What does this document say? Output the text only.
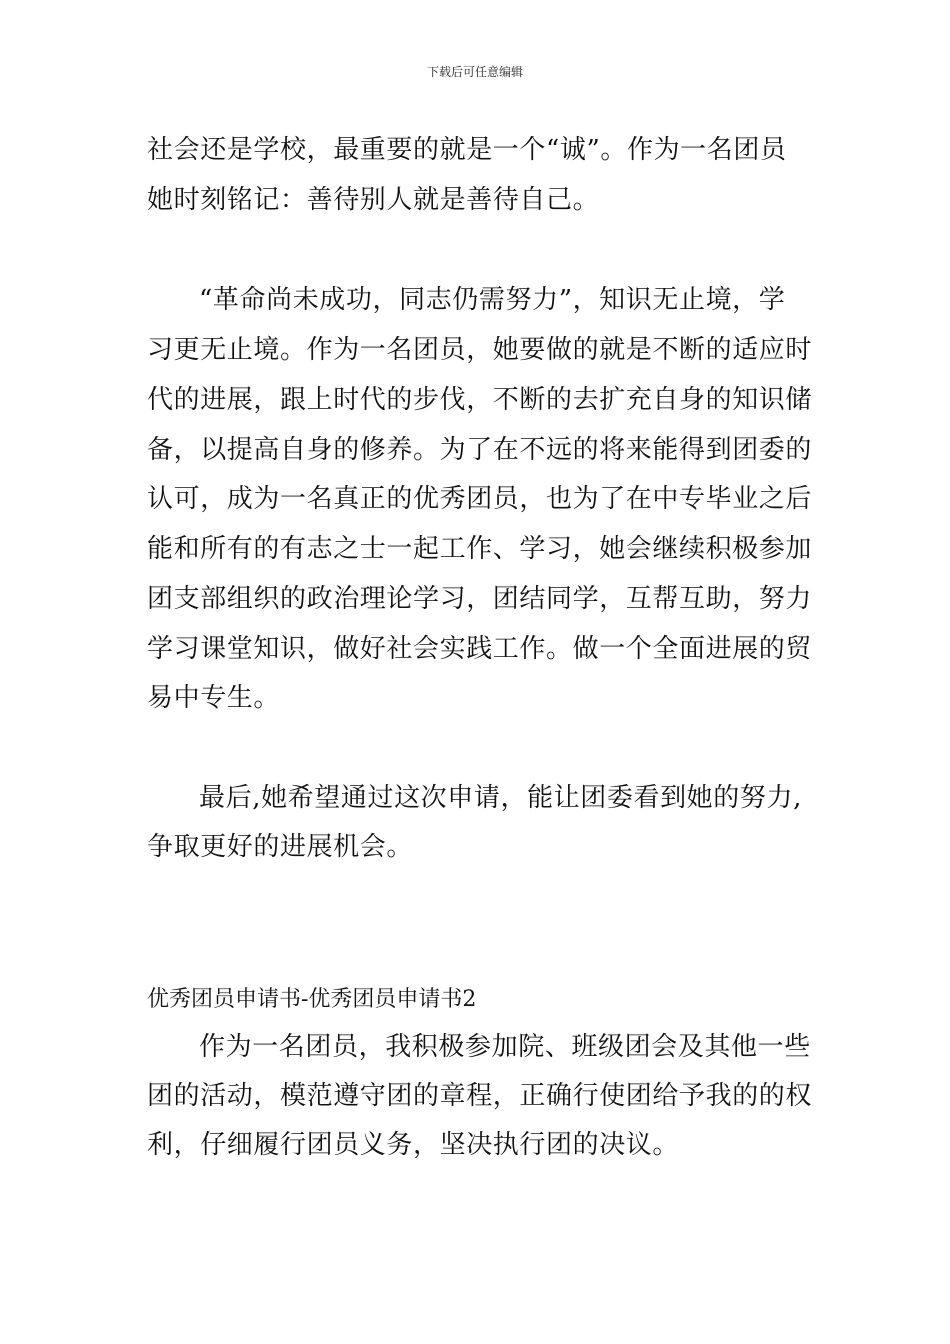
下载后可任意编辑
社会还是学校，最重要的就是一个“诚”。作为一名团员
她时刻铭记：善待别人就是善待自己。
“革命尚未成功，同志仍需努力”，知识无止境，学
习更无止境。作为一名团员，她要做的就是不断的适应时
代的进展，跟上时代的步伐，不断的去扩充自身的知识储
备，以提高自身的修养。为了在不远的将来能得到团委的
认可，成为一名真正的优秀团员，也为了在中专毕业之后
能和所有的有志之士一起工作、学习，她会继续积极参加
团支部组织的政治理论学习，团结同学，互帮互助，努力
学习课堂知识，做好社会实践工作。做一个全面进展的贸
易中专生。
最后,她希望通过这次申请，能让团委看到她的努力,
争取更好的进展机会。
优秀团员申请书-优秀团员申请书2
作为一名团员，我积极参加院、班级团会及其他一些
团的活动，模范遵守团的章程，正确行使团给予我的的权
利，仔细履行团员义务，坚决执行团的决议。
